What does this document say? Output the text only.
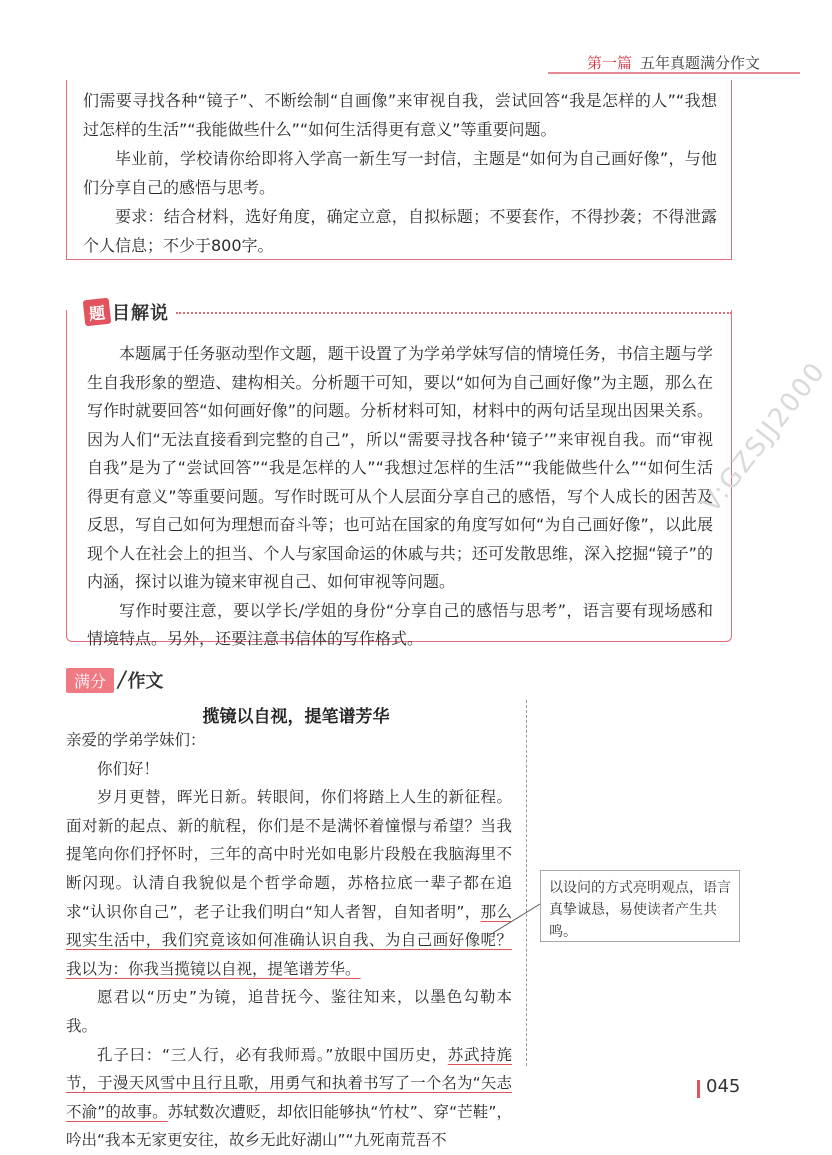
第一篇 五年真题满分作文

们需要寻找各种“镜子”、不断绘制“自画像”来审视自我，尝试回答“我是怎样的人”“我想过怎样的生活”“我能做些什么”“如何生活得更有意义”等重要问题。

毕业前，学校请你给即将入学高一新生写一封信，主题是“如何为自己画好像”，与他们分享自己的感悟与思考。

要求：结合材料，选好角度，确定立意，自拟标题；不要套作，不得抄袭；不得泄露个人信息；不少于800字。

本题属于任务驱动型作文题，题干设置了为学弟学妹写信的情境任务，书信主题与学生自我形象的塑造、建构相关。分析题干可知，要以“如何为自己画好像”为主题，那么在写作时就要回答“如何画好像”的问题。分析材料可知，材料中的两句话呈现出因果关系。因为人们“无法直接看到完整的自己”，所以“需要寻找各种‘镜子’”来审视自我。而“审视自我”是为了“尝试回答”“我是怎样的人”“我想过怎样的生活”“我能做些什么”“如何生活得更有意义”等重要问题。写作时既可从个人层面分享自己的感悟，写个人成长的困苦及反思，写自己如何为理想而奋斗等；也可站在国家的角度写如何“为自己画好像”，以此展现个人在社会上的担当、个人与家国命运的休戚与共；还可发散思维，深入挖掘“镜子”的内涵，探讨以谁为镜来审视自己、如何审视等问题。

写作时要注意，要以学长/学姐的身份“分享自己的感悟与思考”，语言要有现场感和情境特点。另外，还要注意书信体的写作格式。

题 目解说
满分 / 作文
揽镜以自视，提笔谱芳华

亲爱的学弟学妹们：

你们好！

岁月更替，晖光日新。转眼间，你们将踏上人生的新征程。面对新的起点、新的航程，你们是不是满怀着憧憬与希望？当我提笔向你们抒怀时，三年的高中时光如电影片段般在我脑海里不断闪现。认清自我貌似是个哲学命题，苏格拉底一辈子都在追求“认识你自己”，老子让我们明白“知人者智，自知者明”，那么现实生活中，我们究竟该如何准确认识自我、为自己画好像呢？我以为：你我当揽镜以自视，提笔谱芳华。

愿君以“历史”为镜，追昔抚今、鉴往知来，以墨色勾勒本我。

孔子曰：“三人行，必有我师焉。”放眼中国历史，苏武持旄节，于漫天风雪中且行且歌，用勇气和执着书写了一个名为“矢志不渝”的故事。苏轼数次遭贬，却依旧能够执“竹杖”、穿“芒鞋”，吟出“我本无家更安往，故乡无此好湖山”“九死南荒吾不

以设问的方式亮明观点，语言真挚诚恳，易使读者产生共鸣。
V:GZSJJ2000
045
